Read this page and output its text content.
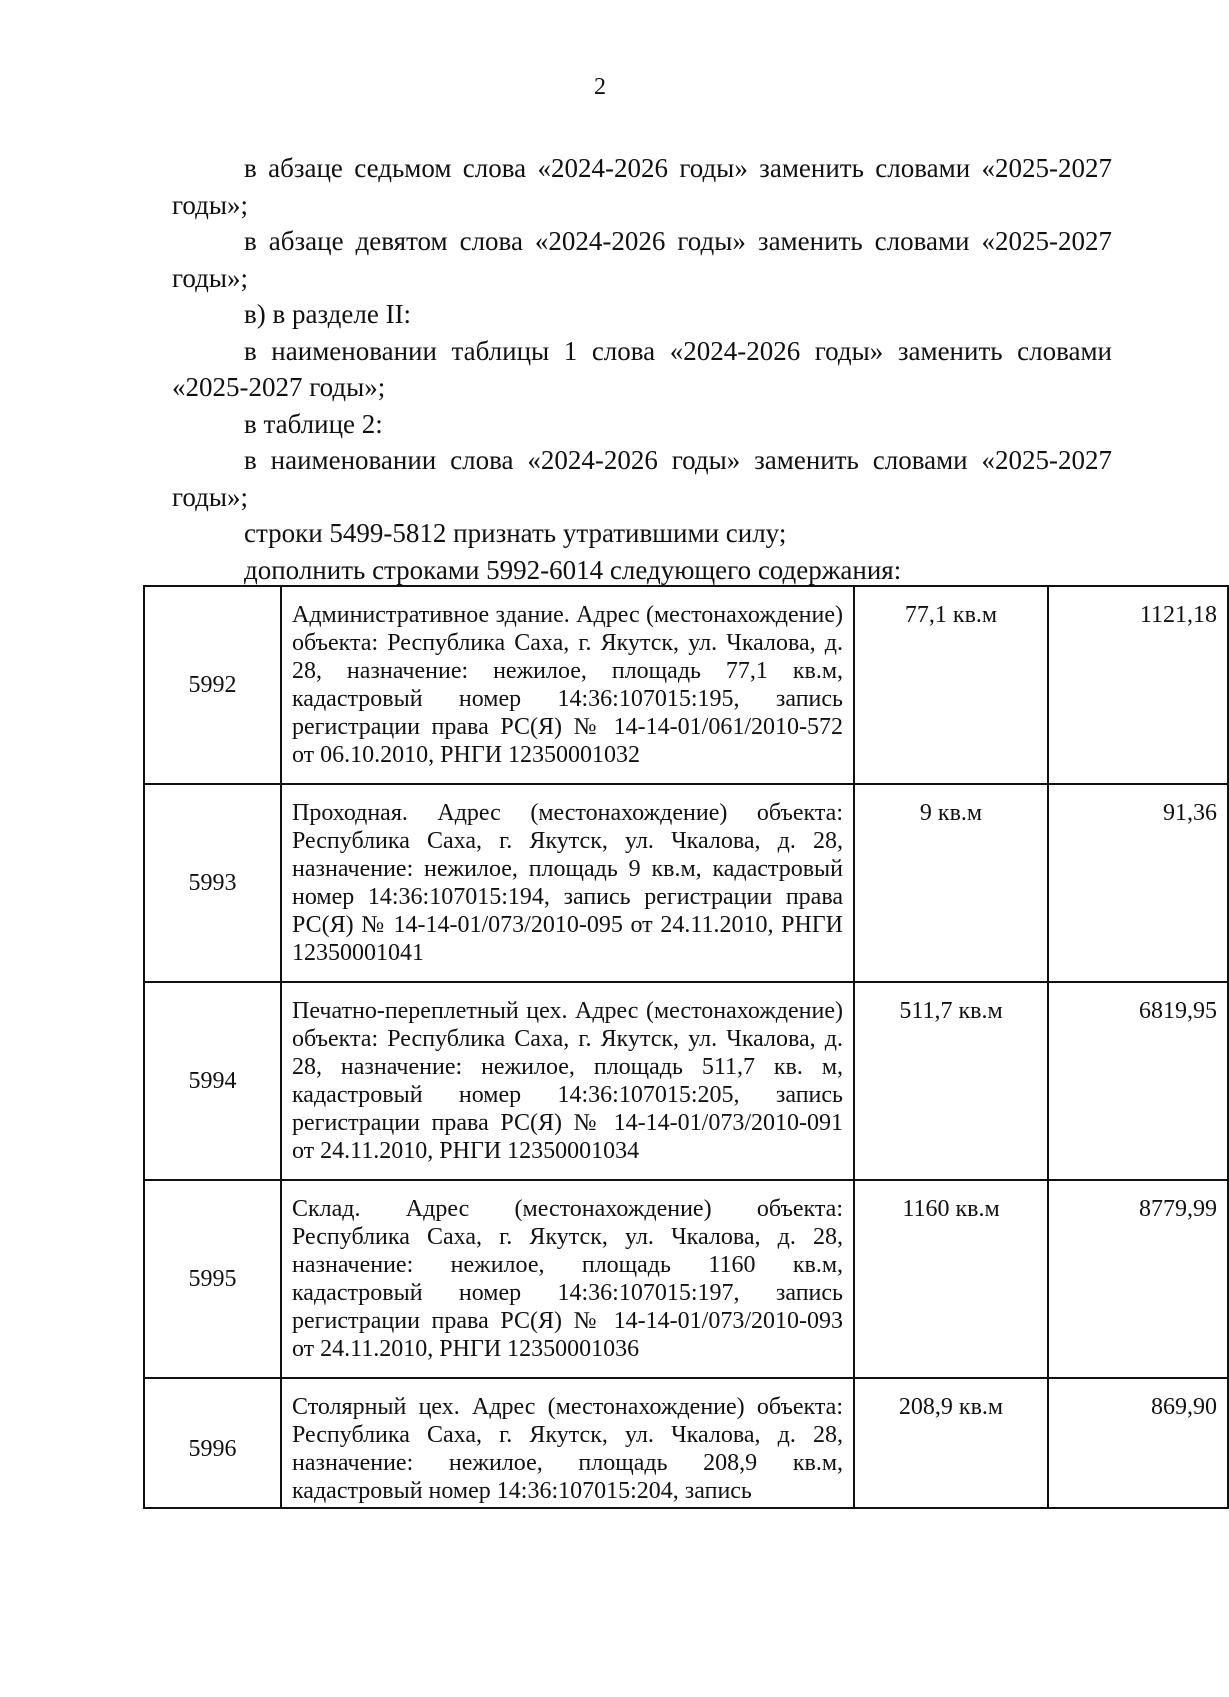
2

в абзаце седьмом слова «2024-2026 годы» заменить словами «2025-2027 годы»;

в абзаце девятом слова «2024-2026 годы» заменить словами «2025-2027 годы»;

в) в разделе II:

в наименовании таблицы 1 слова «2024-2026 годы» заменить словами «2025-2027 годы»;

в таблице 2:

в наименовании слова «2024-2026 годы» заменить словами «2025-2027 годы»;

строки 5499-5812 признать утратившими силу;

дополнить строками 5992-6014 следующего содержания:

5992	Административное здание. Адрес (местонахождение) объекта: Республика Саха, г. Якутск, ул. Чкалова, д. 28, назначение: нежилое, площадь 77,1 кв.м, кадастровый номер 14:36:107015:195, запись регистрации права РС(Я) № 14-14-01/061/2010-572 от 06.10.2010, РНГИ 12350001032	77,1 кв.м	1121,18
5993	Проходная. Адрес (местонахождение) объекта: Республика Саха, г. Якутск, ул. Чкалова, д. 28, назначение: нежилое, площадь 9 кв.м, кадастровый номер 14:36:107015:194, запись регистрации права РС(Я) № 14-14-01/073/2010-095 от 24.11.2010, РНГИ 12350001041	9 кв.м	91,36
5994	Печатно-переплетный цех. Адрес (местонахождение) объекта: Республика Саха, г. Якутск, ул. Чкалова, д. 28, назначение: нежилое, площадь 511,7 кв. м, кадастровый номер 14:36:107015:205, запись регистрации права РС(Я) № 14-14-01/073/2010-091 от 24.11.2010, РНГИ 12350001034	511,7 кв.м	6819,95
5995	Склад. Адрес (местонахождение) объекта: Республика Саха, г. Якутск, ул. Чкалова, д. 28, назначение: нежилое, площадь 1160 кв.м, кадастровый номер 14:36:107015:197, запись регистрации права РС(Я) № 14-14-01/073/2010-093 от 24.11.2010, РНГИ 12350001036	1160 кв.м	8779,99
5996	Столярный цех. Адрес (местонахождение) объекта: Республика Саха, г. Якутск, ул. Чкалова, д. 28, назначение: нежилое, площадь 208,9 кв.м, кадастровый номер 14:36:107015:204, запись	208,9 кв.м	869,90
